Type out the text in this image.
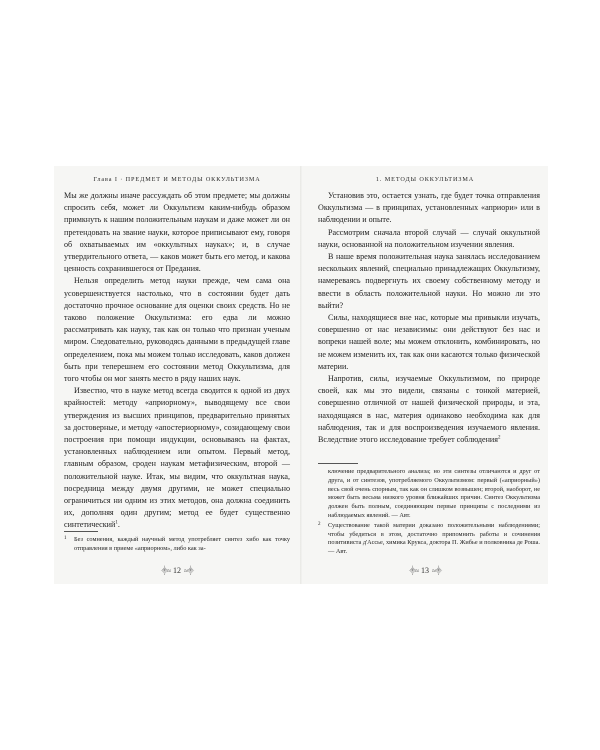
Глава I · ПРЕДМЕТ И МЕТОДЫ ОККУЛЬТИЗМА

Мы же должны иначе рассуждать об этом предмете; мы должны спросить себя, может ли Оккультизм каким-нибудь образом примкнуть к нашим положительным наукам и даже может ли он претендовать на звание науки, которое приписывают ему, говоря об охватываемых им «оккультных науках»; и, в случае утвердительного ответа, — каков может быть его метод, и какова ценность сохранившегося от Предания.

Нельзя определить метод науки прежде, чем сама она усовершенствуется настолько, что в состоянии будет дать достаточно прочное основание для оценки своих средств. Но не таково положение Оккультизма: его едва ли можно рассматривать как науку, так как он только что признан ученым миром. Следовательно, руководясь данными в предыдущей главе определением, пока мы можем только исследовать, каков должен быть при теперешнем его состоянии метод Оккультизма, для того чтобы он мог занять место в ряду наших наук.

Известно, что в науке метод всегда сводится к одной из двух крайностей: методу «априорному», выводящему все свои утверждения из высших принципов, предварительно принятых за достоверные, и методу «апостериорному», созидающему свои построения при помощи индукции, основываясь на фактах, установленных наблюдением или опытом. Первый метод, главным образом, сроден наукам метафизическим, второй — положительной науке. Итак, мы видим, что оккультная наука, посредница между двумя другими, не может специально ограничиться ни одним из этих методов, она должна соединить их, дополняя один другим; метод ее будет существенно синтетический$^1$.

1 Без сомнения, каждый научный метод употребляет синтез хибо как точку отправления в приеме «априорном», либо как за-

⸎≈ 12 ≈⸎
1. МЕТОДЫ ОККУЛЬТИЗМА

Установив это, остается узнать, где будет точка отправления Оккультизма — в принципах, установленных «априори» или в наблюдении и опыте.

Рассмотрим сначала второй случай — случай оккультной науки, основанной на положительном изучении явления.

В наше время положительная наука занялась исследованием нескольких явлений, специально принадлежащих Оккультизму, намереваясь подвергнуть их своему собственному методу и ввести в область положительной науки. Но можно ли это выйти?

Силы, находящиеся вне нас, которые мы привыкли изучать, совершенно от нас независимы: они действуют без нас и вопреки нашей воле; мы можем отклонить, комбинировать, но не можем изменить их, так как они касаются только физической материи.

Напротив, силы, изучаемые Оккультизмом, по природе своей, как мы это видели, связаны с тонкой материей, совершенно отличной от нашей физической природы, и эта, находящаяся в нас, материя одинаково необходима как для наблюдения, так и для воспроизведения изучаемого явления. Вследствие этого исследование требует соблюдения$^2$

ключение предварительного анализа; но эти синтезы отличаются и друг от друга, и от синтезов, употребляемого Оккультизмом: первый («априорный») весь свой очень спорным, так как он слишком возвышен; второй, наоборот, не может быть весьма низкого уровня ближайших причин. Синтез Оккультизма должен быть полным, соединяющим первые принципы с последними из наблюдаемых явлений. — Авт.

2 Существование такой материи доказано положительными наблюдениями; чтобы убедиться в этом, достаточно припомнить работы и сочинения позитивиста д'Ассье, химика Крукса, доктора П. Жибье и полковника де Роша. — Авт.

⸎≈ 13 ≈⸎
